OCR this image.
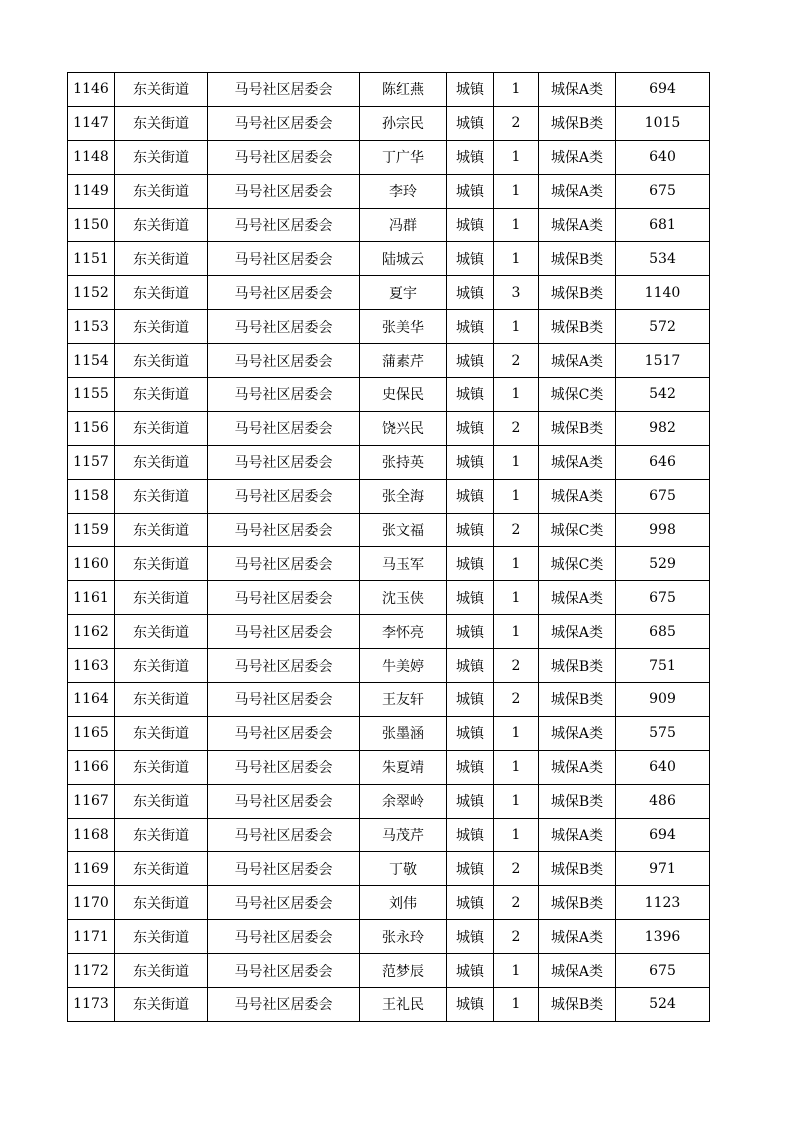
1146	东关街道	马号社区居委会	陈红燕	城镇	1	城保A类	694
1147	东关街道	马号社区居委会	孙宗民	城镇	2	城保B类	1015
1148	东关街道	马号社区居委会	丁广华	城镇	1	城保A类	640
1149	东关街道	马号社区居委会	李玲	城镇	1	城保A类	675
1150	东关街道	马号社区居委会	冯群	城镇	1	城保A类	681
1151	东关街道	马号社区居委会	陆城云	城镇	1	城保B类	534
1152	东关街道	马号社区居委会	夏宇	城镇	3	城保B类	1140
1153	东关街道	马号社区居委会	张美华	城镇	1	城保B类	572
1154	东关街道	马号社区居委会	蒲素芹	城镇	2	城保A类	1517
1155	东关街道	马号社区居委会	史保民	城镇	1	城保C类	542
1156	东关街道	马号社区居委会	饶兴民	城镇	2	城保B类	982
1157	东关街道	马号社区居委会	张持英	城镇	1	城保A类	646
1158	东关街道	马号社区居委会	张全海	城镇	1	城保A类	675
1159	东关街道	马号社区居委会	张文福	城镇	2	城保C类	998
1160	东关街道	马号社区居委会	马玉军	城镇	1	城保C类	529
1161	东关街道	马号社区居委会	沈玉侠	城镇	1	城保A类	675
1162	东关街道	马号社区居委会	李怀亮	城镇	1	城保A类	685
1163	东关街道	马号社区居委会	牛美婷	城镇	2	城保B类	751
1164	东关街道	马号社区居委会	王友轩	城镇	2	城保B类	909
1165	东关街道	马号社区居委会	张墨涵	城镇	1	城保A类	575
1166	东关街道	马号社区居委会	朱夏靖	城镇	1	城保A类	640
1167	东关街道	马号社区居委会	余翠岭	城镇	1	城保B类	486
1168	东关街道	马号社区居委会	马茂芹	城镇	1	城保A类	694
1169	东关街道	马号社区居委会	丁敬	城镇	2	城保B类	971
1170	东关街道	马号社区居委会	刘伟	城镇	2	城保B类	1123
1171	东关街道	马号社区居委会	张永玲	城镇	2	城保A类	1396
1172	东关街道	马号社区居委会	范梦辰	城镇	1	城保A类	675
1173	东关街道	马号社区居委会	王礼民	城镇	1	城保B类	524
